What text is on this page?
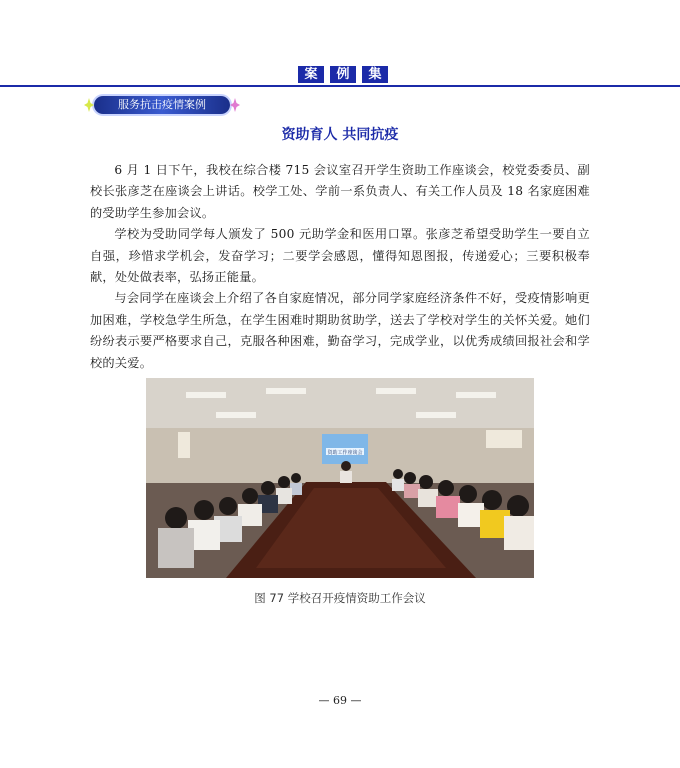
案	例	集
服务抗击疫情案例
资助育人 共同抗疫

6 月 1 日下午，我校在综合楼 715 会议室召开学生资助工作座谈会，校党委委员、副校长张彦芝在座谈会上讲话。校学工处、学前一系负责人、有关工作人员及 18 名家庭困难的受助学生参加会议。

学校为受助同学每人颁发了 500 元助学金和医用口罩。张彦芝希望受助学生一要自立自强，珍惜求学机会，发奋学习；二要学会感恩，懂得知恩图报，传递爱心；三要积极奉献，处处做表率，弘扬正能量。

与会同学在座谈会上介绍了各自家庭情况，部分同学家庭经济条件不好，受疫情影响更加困难，学校急学生所急，在学生困难时期助贫助学，送去了学校对学生的关怀关爱。她们纷纷表示要严格要求自己，克服各种困难，勤奋学习，完成学业，以优秀成绩回报社会和学校的关爱。

资助工作座谈会
图 77 学校召开疫情资助工作会议
— 69 —
